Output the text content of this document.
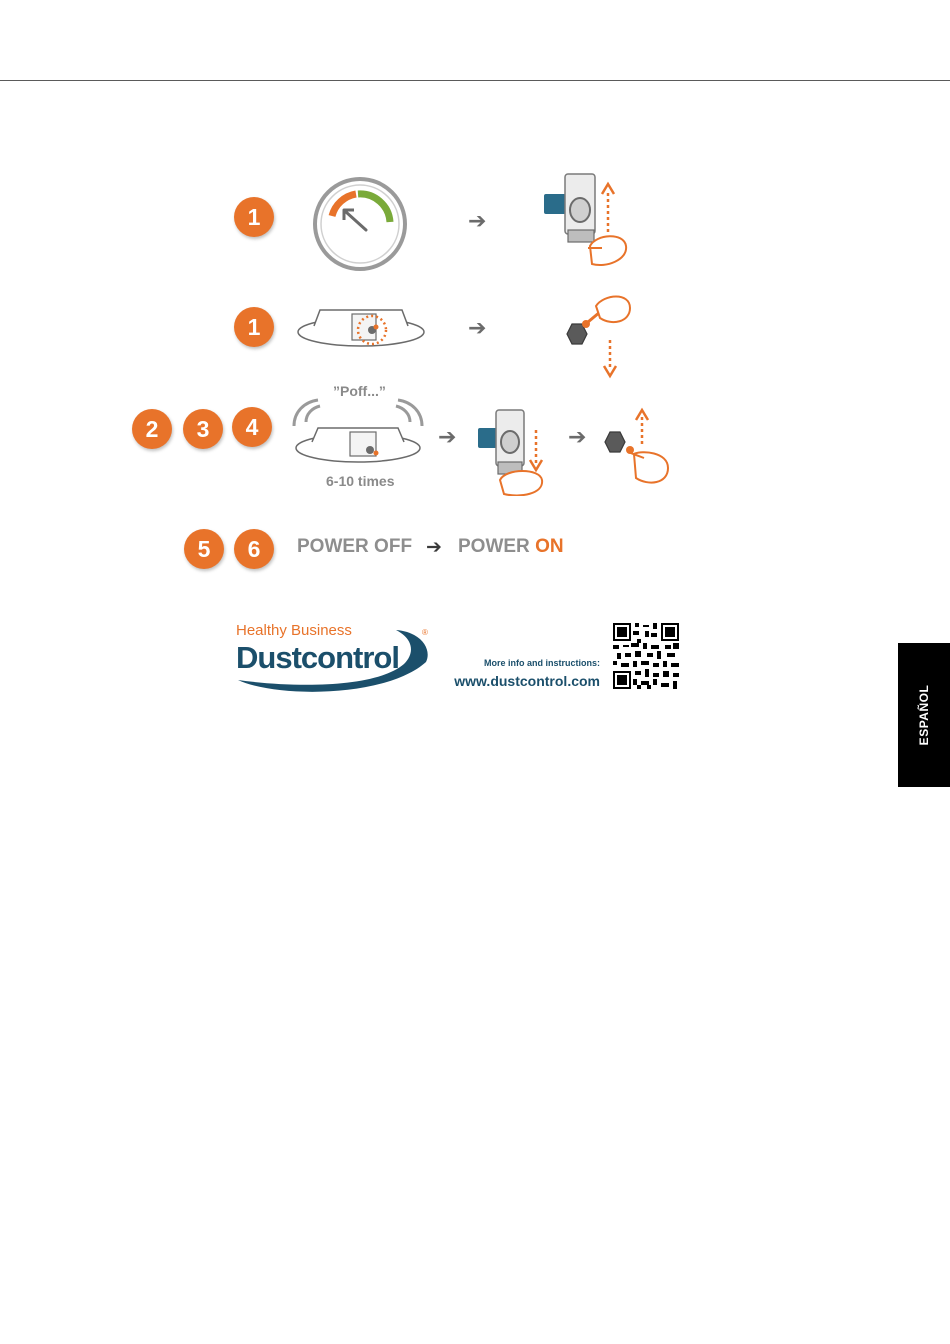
1	➔
1	➔
2	3	4
”Poff...”
6-10 times
➔	➔
5	6	POWER OFF ➔ POWER ON
Healthy Business
Dustcontrol
®
More info and instructions:
www.dustcontrol.com
ESPAÑOL
